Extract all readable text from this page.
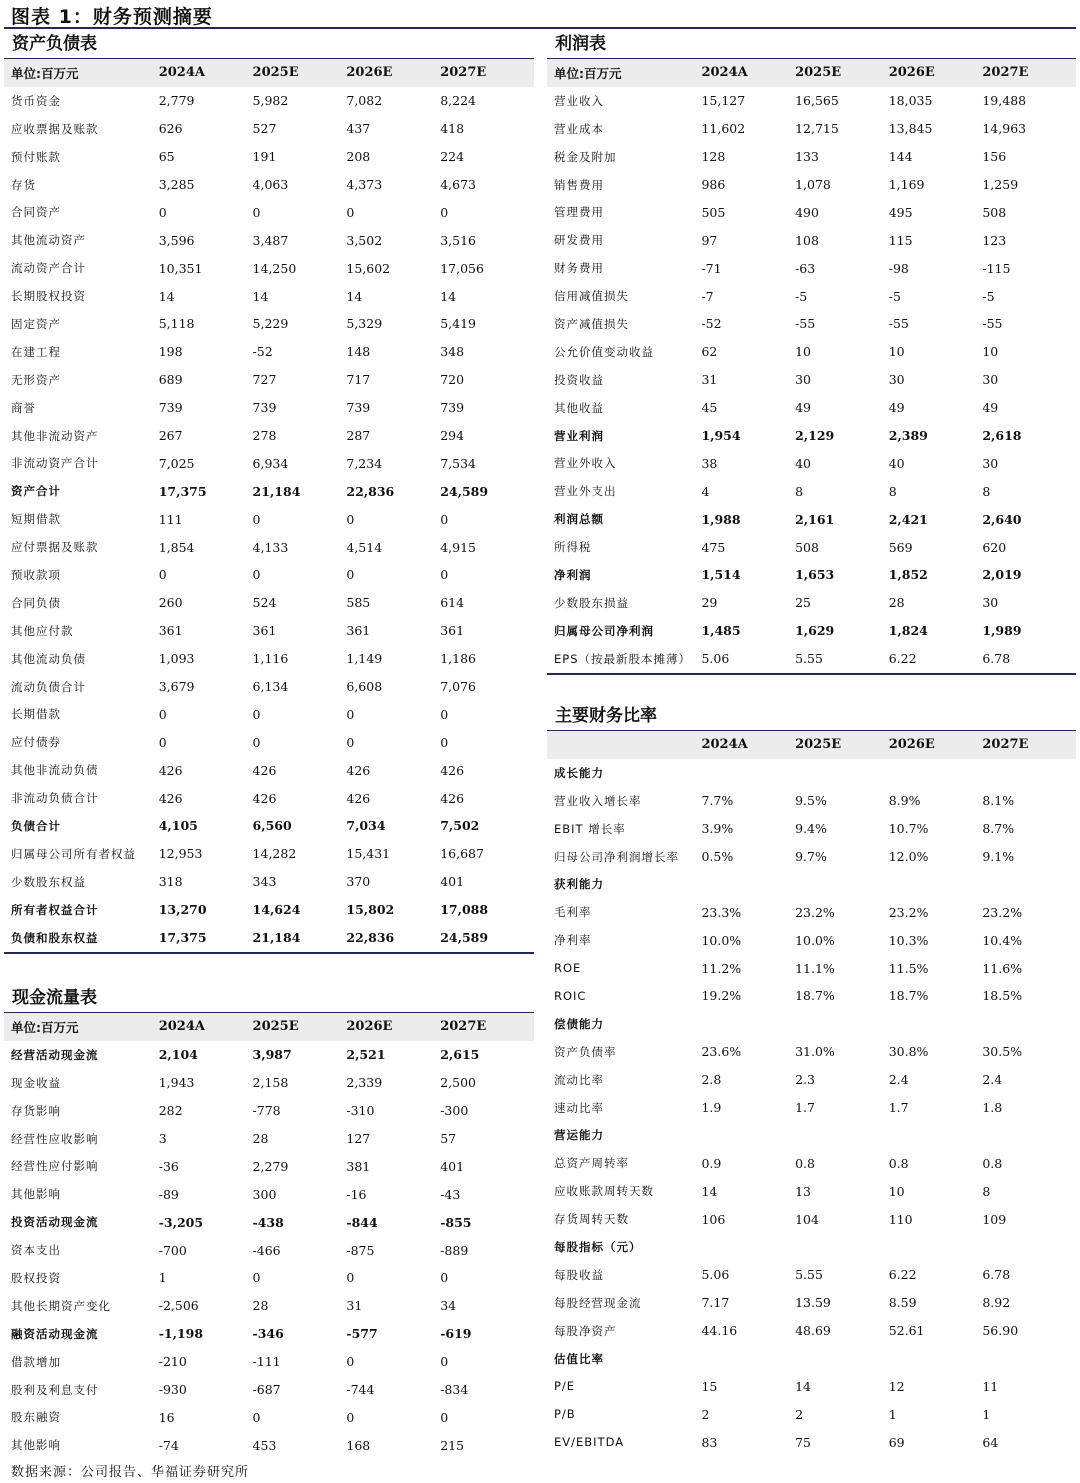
图表 1：财务预测摘要
资产负债表
单位:百万元	2024A	2025E	2026E	2027E
货币资金	2,779	5,982	7,082	8,224
应收票据及账款	626	527	437	418
预付账款	65	191	208	224
存货	3,285	4,063	4,373	4,673
合同资产	0	0	0	0
其他流动资产	3,596	3,487	3,502	3,516
流动资产合计	10,351	14,250	15,602	17,056
长期股权投资	14	14	14	14
固定资产	5,118	5,229	5,329	5,419
在建工程	198	-52	148	348
无形资产	689	727	717	720
商誉	739	739	739	739
其他非流动资产	267	278	287	294
非流动资产合计	7,025	6,934	7,234	7,534
资产合计	17,375	21,184	22,836	24,589
短期借款	111	0	0	0
应付票据及账款	1,854	4,133	4,514	4,915
预收款项	0	0	0	0
合同负债	260	524	585	614
其他应付款	361	361	361	361
其他流动负债	1,093	1,116	1,149	1,186
流动负债合计	3,679	6,134	6,608	7,076
长期借款	0	0	0	0
应付债券	0	0	0	0
其他非流动负债	426	426	426	426
非流动负债合计	426	426	426	426
负债合计	4,105	6,560	7,034	7,502
归属母公司所有者权益	12,953	14,282	15,431	16,687
少数股东权益	318	343	370	401
所有者权益合计	13,270	14,624	15,802	17,088
负债和股东权益	17,375	21,184	22,836	24,589
利润表
单位:百万元	2024A	2025E	2026E	2027E
营业收入	15,127	16,565	18,035	19,488
营业成本	11,602	12,715	13,845	14,963
税金及附加	128	133	144	156
销售费用	986	1,078	1,169	1,259
管理费用	505	490	495	508
研发费用	97	108	115	123
财务费用	-71	-63	-98	-115
信用减值损失	-7	-5	-5	-5
资产减值损失	-52	-55	-55	-55
公允价值变动收益	62	10	10	10
投资收益	31	30	30	30
其他收益	45	49	49	49
营业利润	1,954	2,129	2,389	2,618
营业外收入	38	40	40	30
营业外支出	4	8	8	8
利润总额	1,988	2,161	2,421	2,640
所得税	475	508	569	620
净利润	1,514	1,653	1,852	2,019
少数股东损益	29	25	28	30
归属母公司净利润	1,485	1,629	1,824	1,989
EPS（按最新股本摊薄） 5.06	5.55	6.22	6.78
主要财务比率
2024A	2025E	2026E	2027E
成长能力
营业收入增长率	7.7%	9.5%	8.9%	8.1%
EBIT 增长率	3.9%	9.4%	10.7%	8.7%
归母公司净利润增长率	0.5%	9.7%	12.0%	9.1%
获利能力
毛利率	23.3%	23.2%	23.2%	23.2%
净利率	10.0%	10.0%	10.3%	10.4%
ROE	11.2%	11.1%	11.5%	11.6%
ROIC	19.2%	18.7%	18.7%	18.5%
偿债能力
资产负债率	23.6%	31.0%	30.8%	30.5%
流动比率	2.8	2.3	2.4	2.4
速动比率	1.9	1.7	1.7	1.8
营运能力
总资产周转率	0.9	0.8	0.8	0.8
应收账款周转天数	14	13	10	8
存货周转天数	106	104	110	109
每股指标（元）
每股收益	5.06	5.55	6.22	6.78
每股经营现金流	7.17	13.59	8.59	8.92
每股净资产	44.16	48.69	52.61	56.90
估值比率
P/E	15	14	12	11
P/B	2	2	1	1
EV/EBITDA	83	75	69	64
现金流量表
单位:百万元	2024A	2025E	2026E	2027E
经营活动现金流	2,104	3,987	2,521	2,615
现金收益	1,943	2,158	2,339	2,500
存货影响	282	-778	-310	-300
经营性应收影响	3	28	127	57
经营性应付影响	-36	2,279	381	401
其他影响	-89	300	-16	-43
投资活动现金流	-3,205	-438	-844	-855
资本支出	-700	-466	-875	-889
股权投资	1	0	0	0
其他长期资产变化	-2,506	28	31	34
融资活动现金流	-1,198	-346	-577	-619
借款增加	-210	-111	0	0
股利及利息支付	-930	-687	-744	-834
股东融资	16	0	0	0
其他影响	-74	453	168	215
数据来源：公司报告、华福证券研究所
